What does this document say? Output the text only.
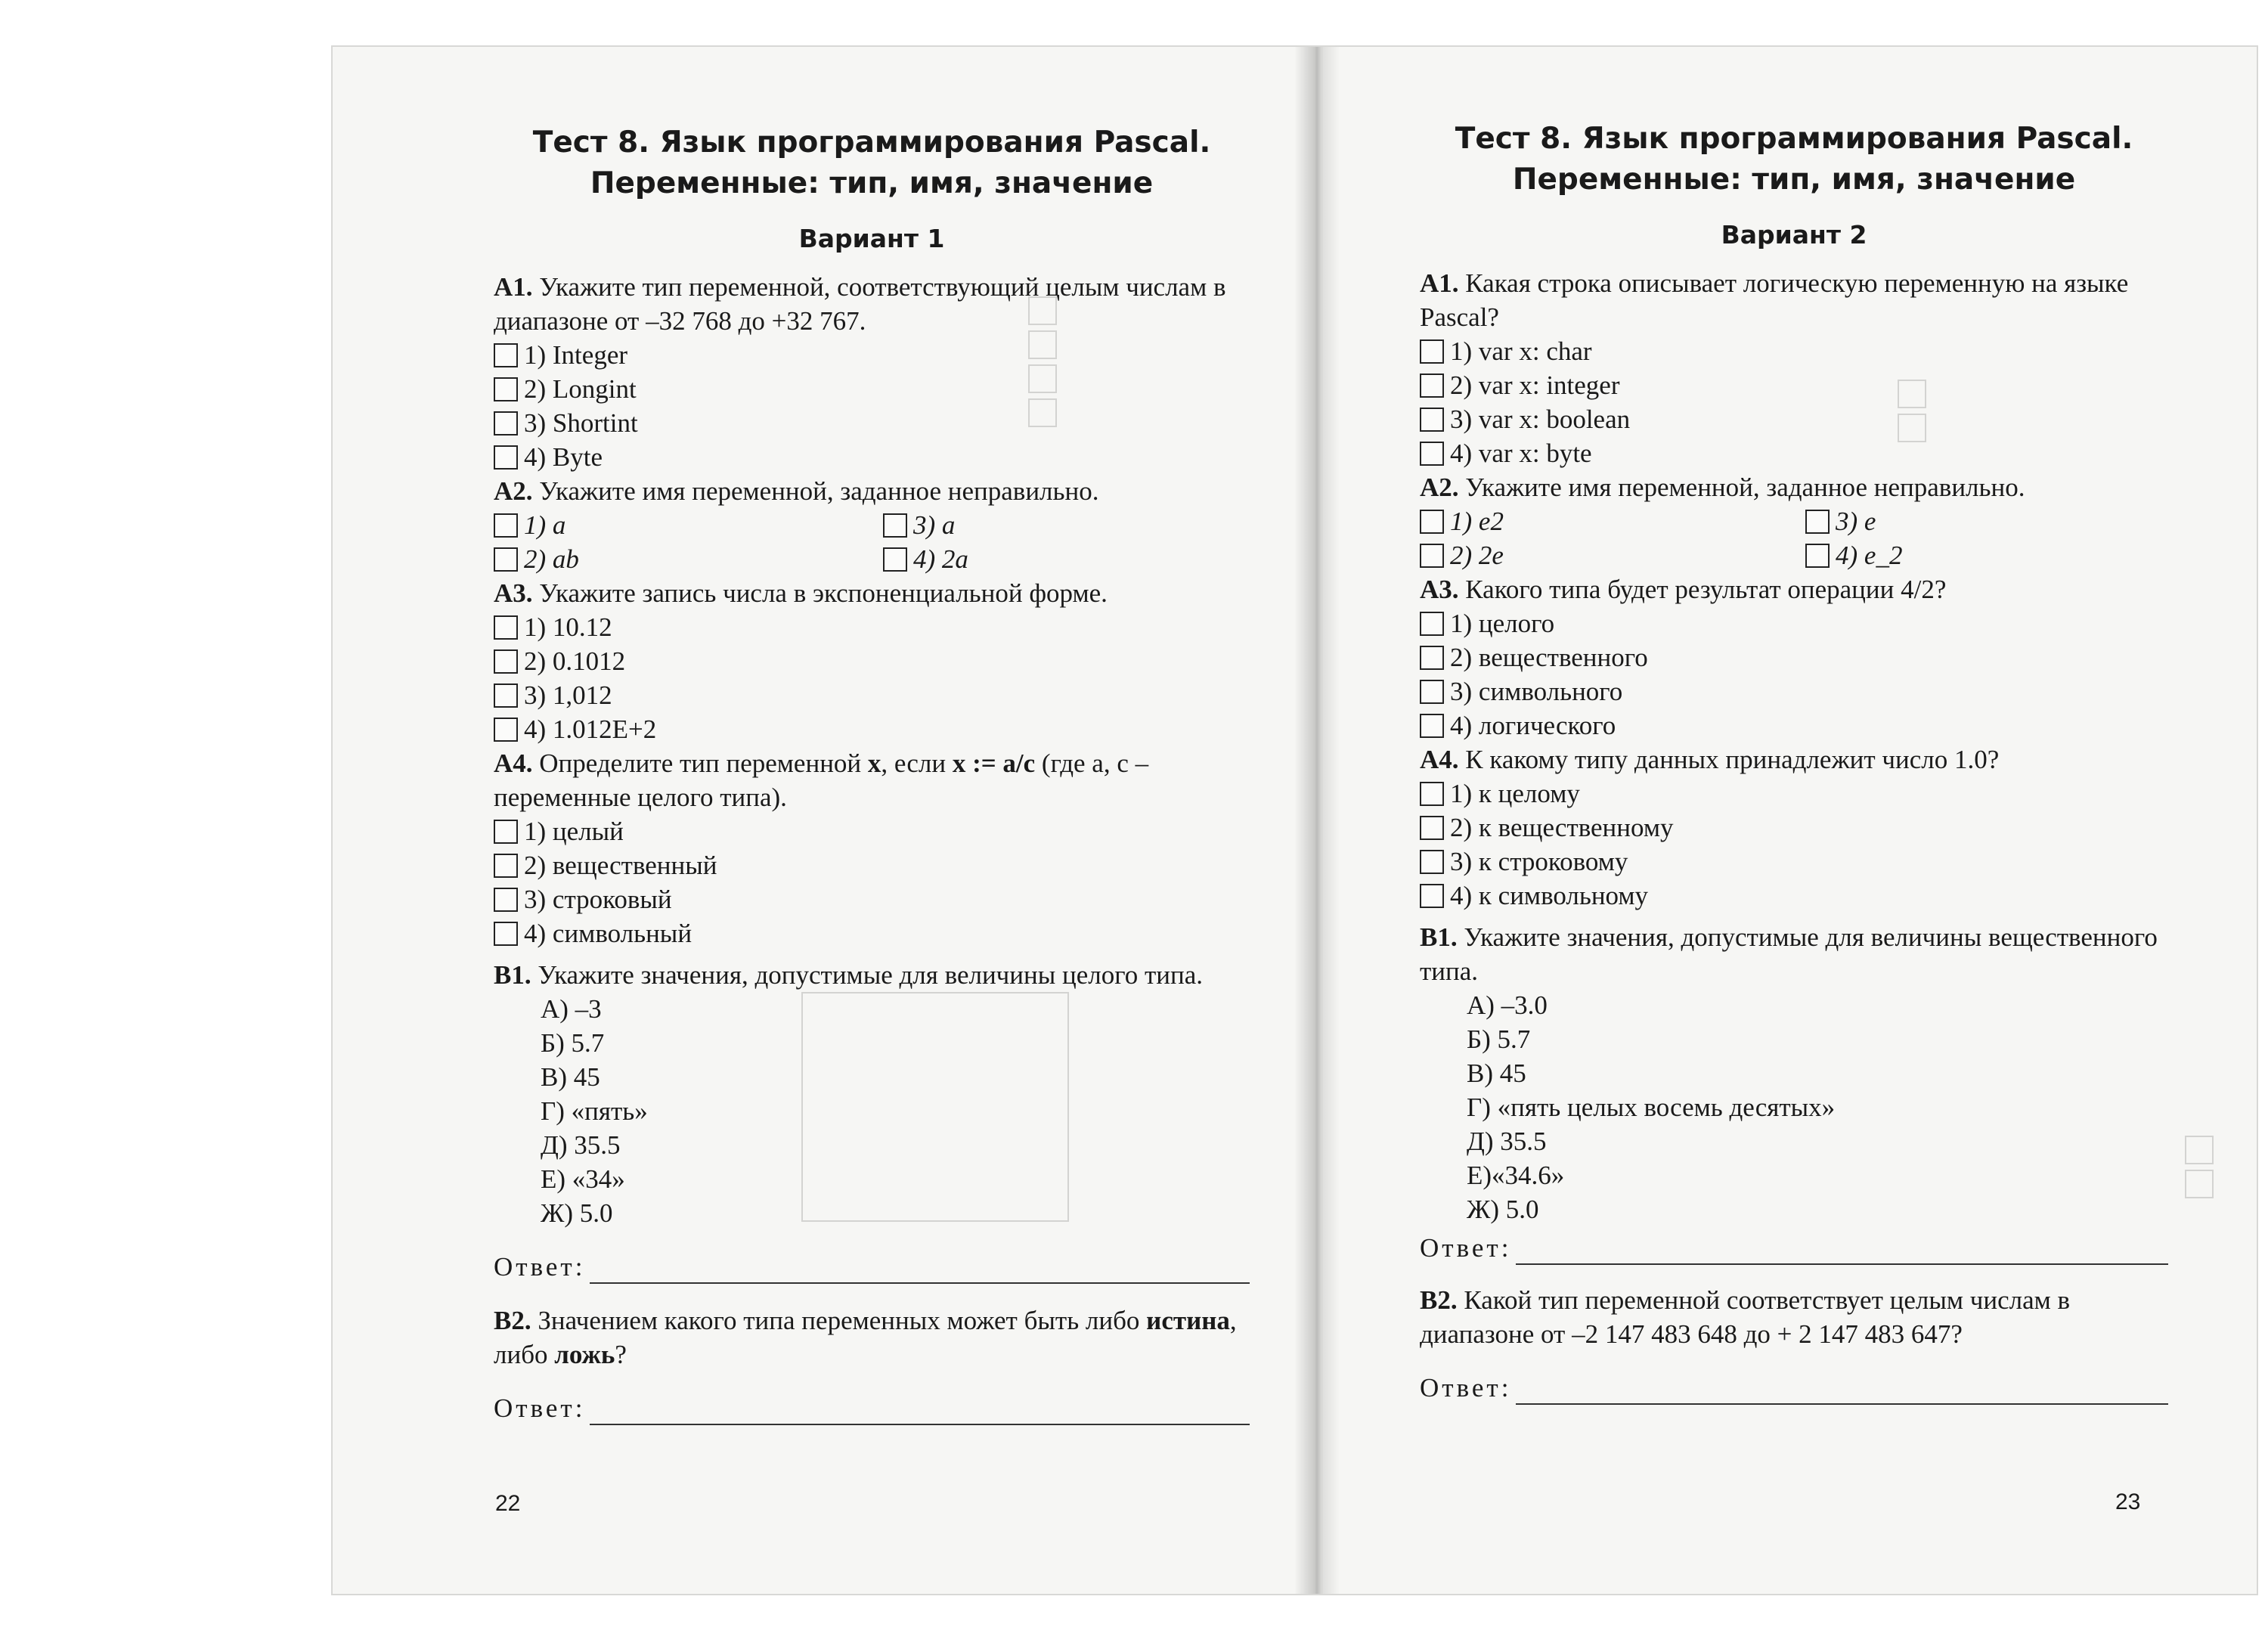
Тест 8. Язык программирования Pascal.

Переменные: тип, имя, значение

Вариант 1

A1. Укажите тип переменной, соответствующий целым числам в диапазоне от –32 768 до +32 767.

1) Integer
2) Longint
3) Shortint
4) Byte

A2. Укажите имя переменной, заданное неправильно.

1) a
2) ab
3) a
4) 2a

A3. Укажите запись числа в экспоненциальной форме.

1) 10.12
2) 0.1012
3) 1,012
4) 1.012E+2

A4. Определите тип переменной x, если x := a/c (где a, c – переменные целого типа).

1) целый
2) вещественный
3) строковый
4) символьный

B1. Укажите значения, допустимые для величины целого типа.

А) –3
Б) 5.7
В) 45
Г) «пять»
Д) 35.5
Е) «34»
Ж) 5.0
Ответ:

B2. Значением какого типа переменных может быть либо истина, либо ложь?

Ответ:
22

Тест 8. Язык программирования Pascal.

Переменные: тип, имя, значение

Вариант 2

A1. Какая строка описывает логическую переменную на языке Pascal?

1) var x: char
2) var x: integer
3) var x: boolean
4) var x: byte

A2. Укажите имя переменной, заданное неправильно.

1) e2
2) 2e
3) e
4) e_2

A3. Какого типа будет результат операции 4/2?

1) целого
2) вещественного
3) символьного
4) логического

A4. К какому типу данных принадлежит число 1.0?

1) к целому
2) к вещественному
3) к строковому
4) к символьному

B1. Укажите значения, допустимые для величины вещественного типа.

А) –3.0
Б) 5.7
В) 45
Г) «пять целых восемь десятых»
Д) 35.5
Е)«34.6»
Ж) 5.0
Ответ:

B2. Какой тип переменной соответствует целым числам в диапазоне от –2 147 483 648 до + 2 147 483 647?

Ответ:
23
